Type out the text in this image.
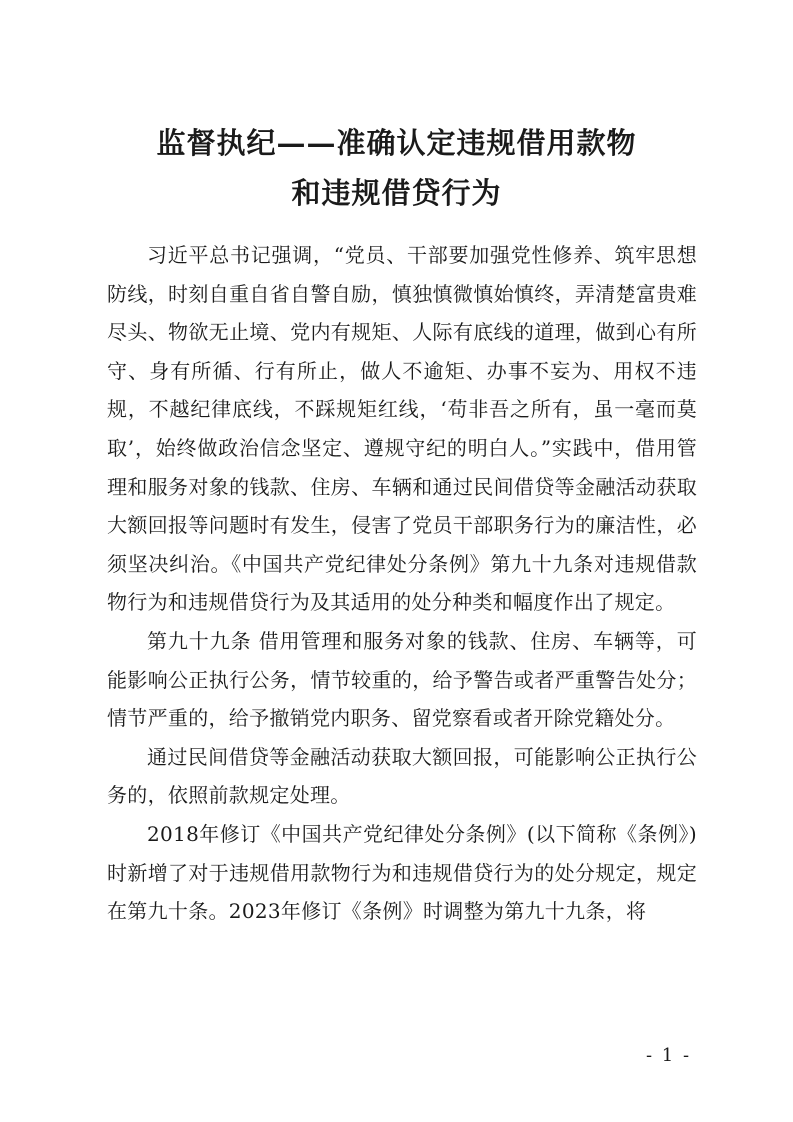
监督执纪——准确认定违规借用款物

和违规借贷行为

习近平总书记强调，“党员、干部要加强党性修养、筑牢思想防线，时刻自重自省自警自励，慎独慎微慎始慎终，弄清楚富贵难尽头、物欲无止境、党内有规矩、人际有底线的道理，做到心有所守、身有所循、行有所止，做人不逾矩、办事不妄为、用权不违规，不越纪律底线，不踩规矩红线，‘苟非吾之所有，虽一毫而莫取’，始终做政治信念坚定、遵规守纪的明白人。”实践中，借用管理和服务对象的钱款、住房、车辆和通过民间借贷等金融活动获取大额回报等问题时有发生，侵害了党员干部职务行为的廉洁性，必须坚决纠治。《中国共产党纪律处分条例》第九十九条对违规借款物行为和违规借贷行为及其适用的处分种类和幅度作出了规定。

第九十九条 借用管理和服务对象的钱款、住房、车辆等，可能影响公正执行公务，情节较重的，给予警告或者严重警告处分；情节严重的，给予撤销党内职务、留党察看或者开除党籍处分。

通过民间借贷等金融活动获取大额回报，可能影响公正执行公务的，依照前款规定处理。

2018年修订《中国共产党纪律处分条例》(以下简称《条例》)时新增了对于违规借用款物行为和违规借贷行为的处分规定，规定在第九十条。2023年修订《条例》时调整为第九十九条，将

- 1 -
